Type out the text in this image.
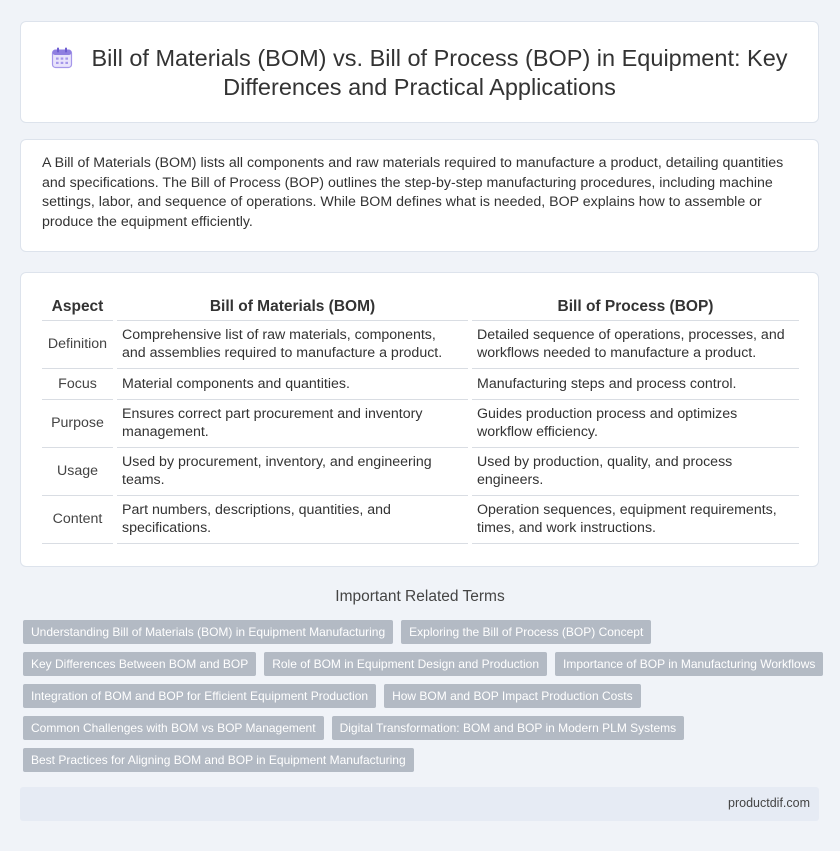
Bill of Materials (BOM) vs. Bill of Process (BOP) in Equipment: Key Differences and Practical Applications

A Bill of Materials (BOM) lists all components and raw materials required to manufacture a product, detailing quantities and specifications. The Bill of Process (BOP) outlines the step-by-step manufacturing procedures, including machine settings, labor, and sequence of operations. While BOM defines what is needed, BOP explains how to assemble or produce the equipment efficiently.

Aspect		Bill of Materials (BOM)		Bill of Process (BOP)
Definition		Comprehensive list of raw materials, components, and assemblies required to manufacture a product.		Detailed sequence of operations, processes, and workflows needed to manufacture a product.
Focus		Material components and quantities.		Manufacturing steps and process control.
Purpose		Ensures correct part procurement and inventory management.		Guides production process and optimizes workflow efficiency.
Usage		Used by procurement, inventory, and engineering teams.		Used by production, quality, and process engineers.
Content		Part numbers, descriptions, quantities, and specifications.		Operation sequences, equipment requirements, times, and work instructions.
Important Related Terms
Understanding Bill of Materials (BOM) in Equipment Manufacturing	Exploring the Bill of Process (BOP) Concept
Key Differences Between BOM and BOP	Role of BOM in Equipment Design and Production	Importance of BOP in Manufacturing Workflows
Integration of BOM and BOP for Efficient Equipment Production	How BOM and BOP Impact Production Costs
Common Challenges with BOM vs BOP Management	Digital Transformation: BOM and BOP in Modern PLM Systems
Best Practices for Aligning BOM and BOP in Equipment Manufacturing
productdif.com
